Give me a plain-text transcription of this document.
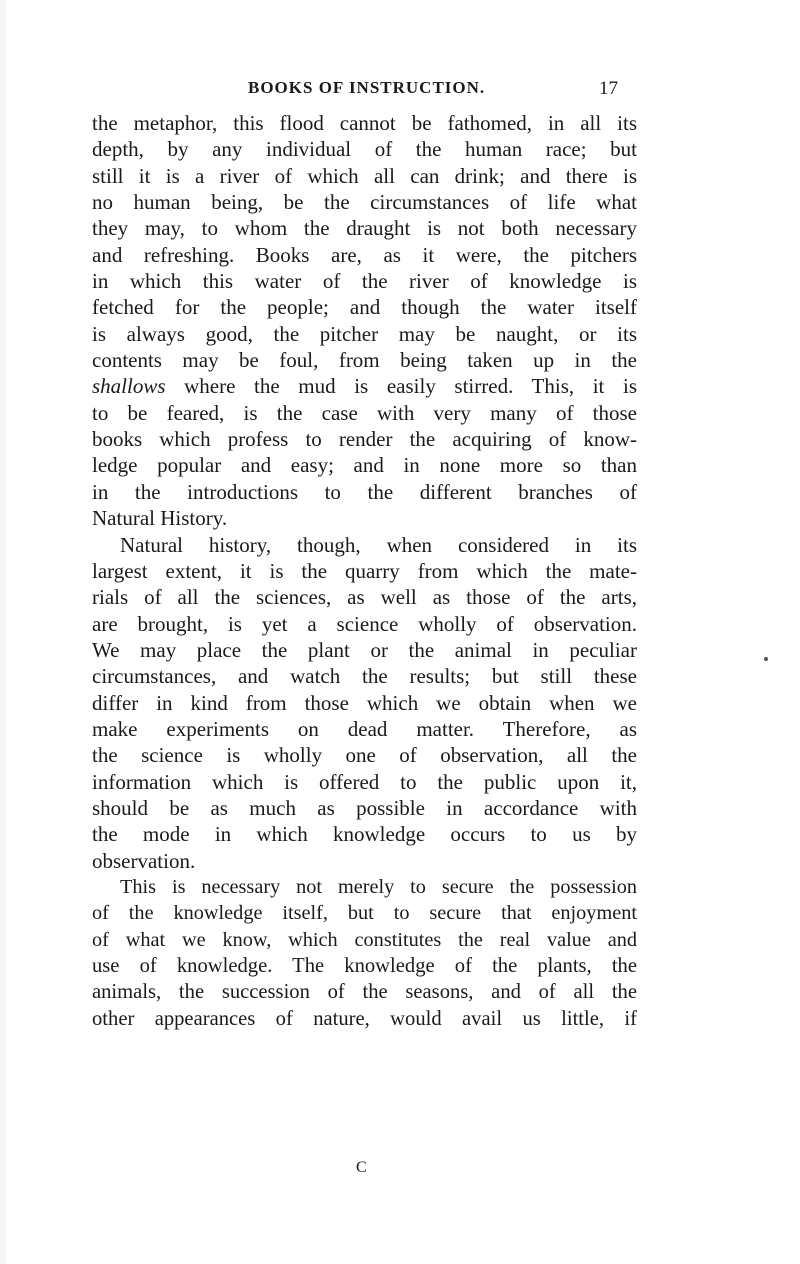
BOOKS OF INSTRUCTION.	17
the metaphor, this flood cannot be fathomed, in all its
depth, by any individual of the human race; but
still it is a river of which all can drink; and there is
no human being, be the circumstances of life what
they may, to whom the draught is not both necessary
and refreshing. Books are, as it were, the pitchers
in which this water of the river of knowledge is
fetched for the people; and though the water itself
is always good, the pitcher may be naught, or its
contents may be foul, from being taken up in the
shallows where the mud is easily stirred. This, it is
to be feared, is the case with very many of those
books which profess to render the acquiring of know-
ledge popular and easy; and in none more so than
in the introductions to the different branches of
Natural History.
Natural history, though, when considered in its
largest extent, it is the quarry from which the mate-
rials of all the sciences, as well as those of the arts,
are brought, is yet a science wholly of observation.
We may place the plant or the animal in peculiar
circumstances, and watch the results; but still these
differ in kind from those which we obtain when we
make experiments on dead matter. Therefore, as
the science is wholly one of observation, all the
information which is offered to the public upon it,
should be as much as possible in accordance with
the mode in which knowledge occurs to us by
observation.
This is necessary not merely to secure the possession
of the knowledge itself, but to secure that enjoyment
of what we know, which constitutes the real value and
use of knowledge. The knowledge of the plants, the
animals, the succession of the seasons, and of all the
other appearances of nature, would avail us little, if
C
